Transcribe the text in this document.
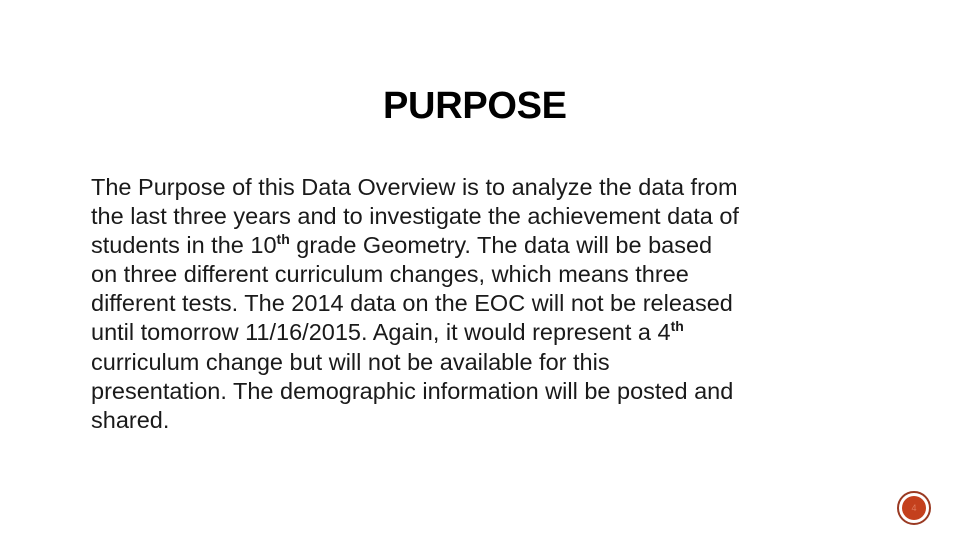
PURPOSE

The Purpose of this Data Overview is to analyze the data from
the last three years and to investigate the achievement data of
students in the 10th grade Geometry. The data will be based
on three different curriculum changes, which means three
different tests. The 2014 data on the EOC will not be released
until tomorrow 11/16/2015. Again, it would represent a 4th
curriculum change but will not be available for this
presentation. The demographic information will be posted and
shared.

4
